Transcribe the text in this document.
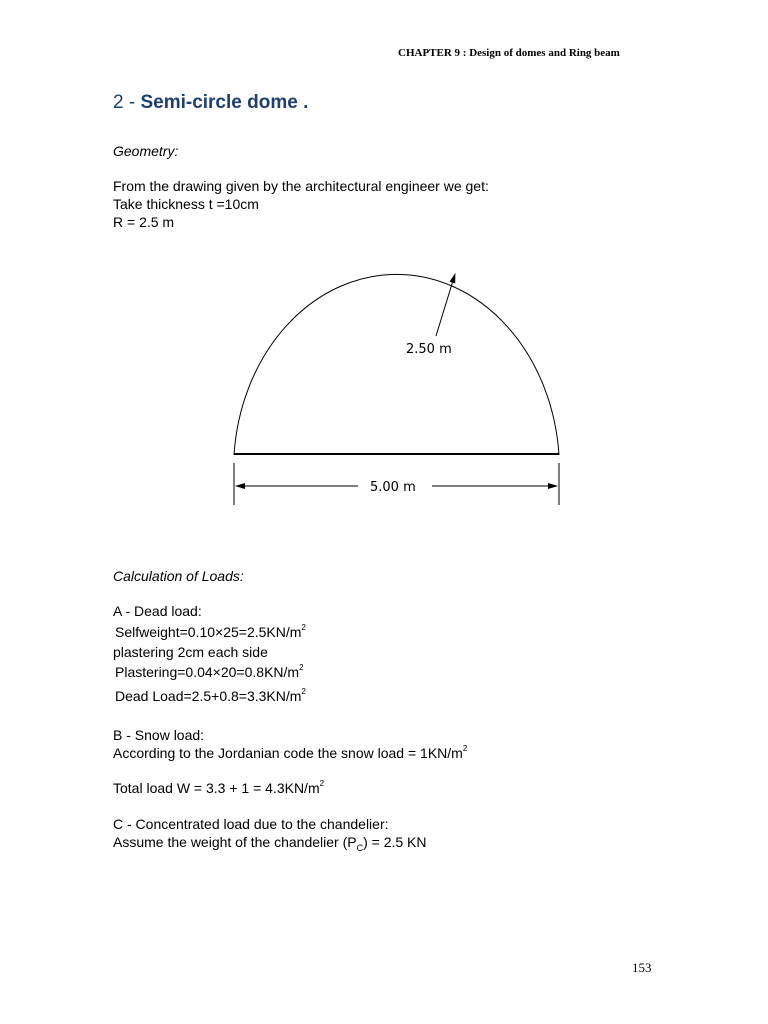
CHAPTER 9 : Design of domes and Ring beam
2 - Semi-circle dome .
Geometry:
From the drawing given by the architectural engineer we get:
Take thickness t =10cm
R = 2.5 m
2.50 m
5.00 m
Calculation of Loads:
A - Dead load:
$Selfweight=0.10\times 25=2.5KN/m^2$
plastering 2cm each side
$Plastering=0.04\times 20=0.8KN/m^2$
Dead $Load=2.5+0.8=3.3KN/m^2$
B - Snow load:
According to the Jordanian code the snow load = $1KN/m^2$
Total load $W = 3.3 + 1 = 4.3KN/m^2$
C - Concentrated load due to the chandelier:
Assume the weight of the chandelier $(P_C) = 2.5$ KN
153
